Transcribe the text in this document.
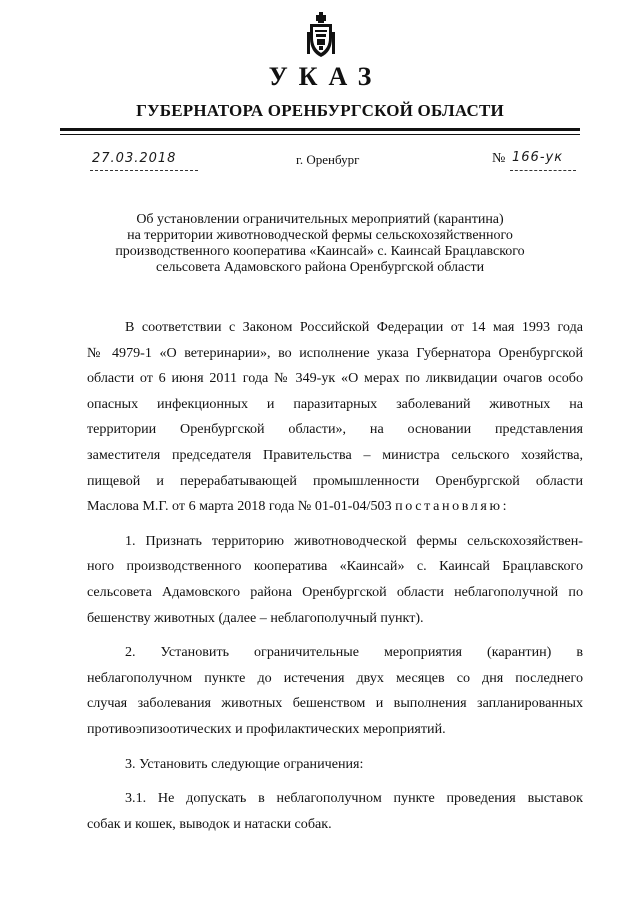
УКАЗ
ГУБЕРНАТОРА ОРЕНБУРГСКОЙ ОБЛАСТИ
27.03.2018	г. Оренбург	№ 166-ук
Об установлении ограничительных мероприятий (карантина)
на территории животноводческой фермы сельскохозяйственного
производственного кооператива «Каинсай» с. Каинсай Брацлавского
сельсовета Адамовского района Оренбургской области
В соответствии с Законом Российской Федерации от 14 мая 1993 года
№ 4979-1 «О ветеринарии», во исполнение указа Губернатора Оренбургской
области от 6 июня 2011 года № 349-ук «О мерах по ликвидации очагов особо
опасных инфекционных и паразитарных заболеваний животных на
территории Оренбургской области», на основании представления
заместителя председателя Правительства – министра сельского хозяйства,
пищевой и перерабатывающей промышленности Оренбургской области
Маслова М.Г. от 6 марта 2018 года № 01-01-04/503 постановляю:
1. Признать территорию животноводческой фермы сельскохозяйствен-
ного производственного кооператива «Каинсай» с. Каинсай Брацлавского
сельсовета Адамовского района Оренбургской области неблагополучной по
бешенству животных (далее – неблагополучный пункт).
2. Установить ограничительные мероприятия (карантин) в
неблагополучном пункте до истечения двух месяцев со дня последнего
случая заболевания животных бешенством и выполнения запланированных
противоэпизоотических и профилактических мероприятий.
3. Установить следующие ограничения:
3.1. Не допускать в неблагополучном пункте проведения выставок
собак и кошек, выводок и натаски собак.
